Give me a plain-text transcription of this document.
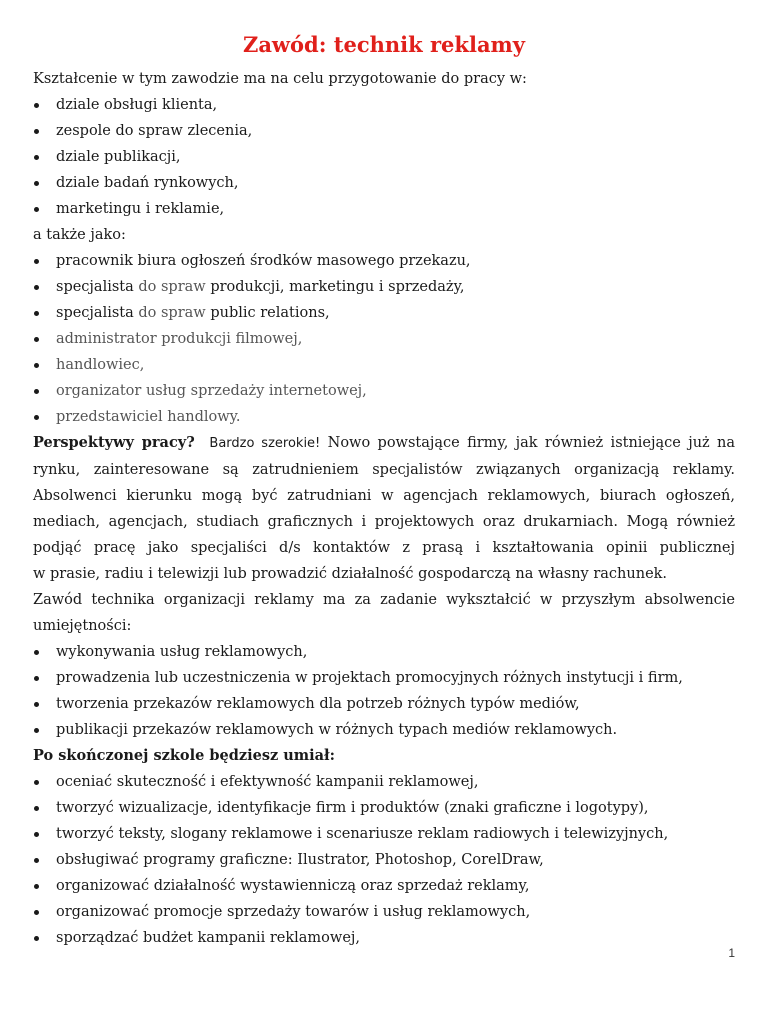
Zawód: technik reklamy

Kształcenie w tym zawodzie ma na celu przygotowanie do pracy w:

dziale obsługi klienta,
zespole do spraw zlecenia,
dziale publikacji,
dziale badań rynkowych,
marketingu i reklamie,

a także jako:

pracownik biura ogłoszeń środków masowego przekazu,
specjalista do spraw produkcji, marketingu i sprzedaży,
specjalista do spraw public relations,
administrator produkcji filmowej,
handlowiec,
organizator usług sprzedaży internetowej,
przedstawiciel handlowy.

Perspektywy pracy? Bardzo szerokie! Nowo powstające firmy, jak również istniejące już na

rynku, zainteresowane są zatrudnieniem specjalistów związanych organizacją reklamy.

Absolwenci kierunku mogą być zatrudniani w agencjach reklamowych, biurach ogłoszeń,

mediach, agencjach, studiach graficznych i projektowych oraz drukarniach. Mogą również

podjąć pracę jako specjaliści d/s kontaktów z prasą i kształtowania opinii publicznej

w prasie, radiu i telewizji lub prowadzić działalność gospodarczą na własny rachunek.

Zawód technika organizacji reklamy ma za zadanie wykształcić w przyszłym absolwencie

umiejętności:

wykonywania usług reklamowych,
prowadzenia lub uczestniczenia w projektach promocyjnych różnych instytucji i firm,
tworzenia przekazów reklamowych dla potrzeb różnych typów mediów,
publikacji przekazów reklamowych w różnych typach mediów reklamowych.

Po skończonej szkole będziesz umiał:

oceniać skuteczność i efektywność kampanii reklamowej,
tworzyć wizualizacje, identyfikacje firm i produktów (znaki graficzne i logotypy),
tworzyć teksty, slogany reklamowe i scenariusze reklam radiowych i telewizyjnych,
obsługiwać programy graficzne: Ilustrator, Photoshop, CorelDraw,
organizować działalność wystawienniczą oraz sprzedaż reklamy,
organizować promocje sprzedaży towarów i usług reklamowych,
sporządzać budżet kampanii reklamowej,
1
